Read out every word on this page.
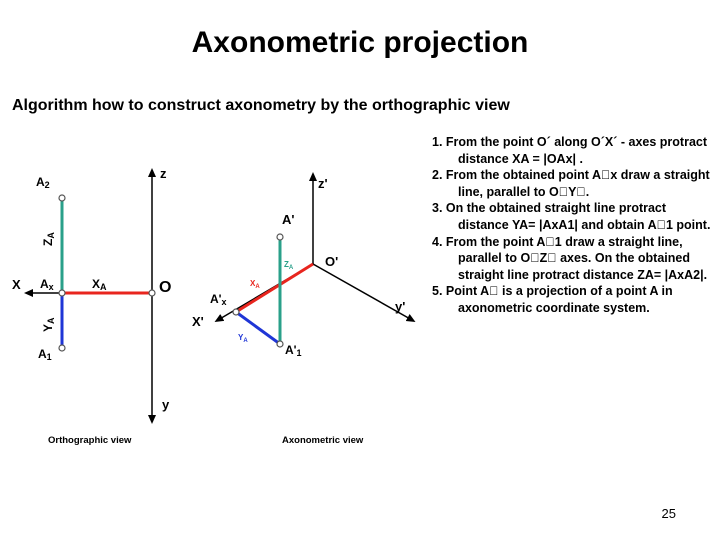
Axonometric projection
Algorithm how to construct axonometry by the orthographic view
z
y
X	O
A2
Ax
A1
XA
ZA
YA
Orthographic view
z'
O'
y'
X'
A'
A'x
A'1
$X_A$
$Z_A$
$Y_A$
Axonometric view

1. From the point O´ along O´X´ - axes protract distance XA = |OAx| .

2. From the obtained point A x draw a straight line, parallel to O Y .

3. On the obtained straight line protract distance YA= |AxA1| and obtain A 1 point.

4. From the point A 1 draw a straight line, parallel to O Z  axes. On the obtained straight line protract distance ZA= |AxA2|.

5. Point A  is a projection of a point A in axonometric coordinate system.

25
